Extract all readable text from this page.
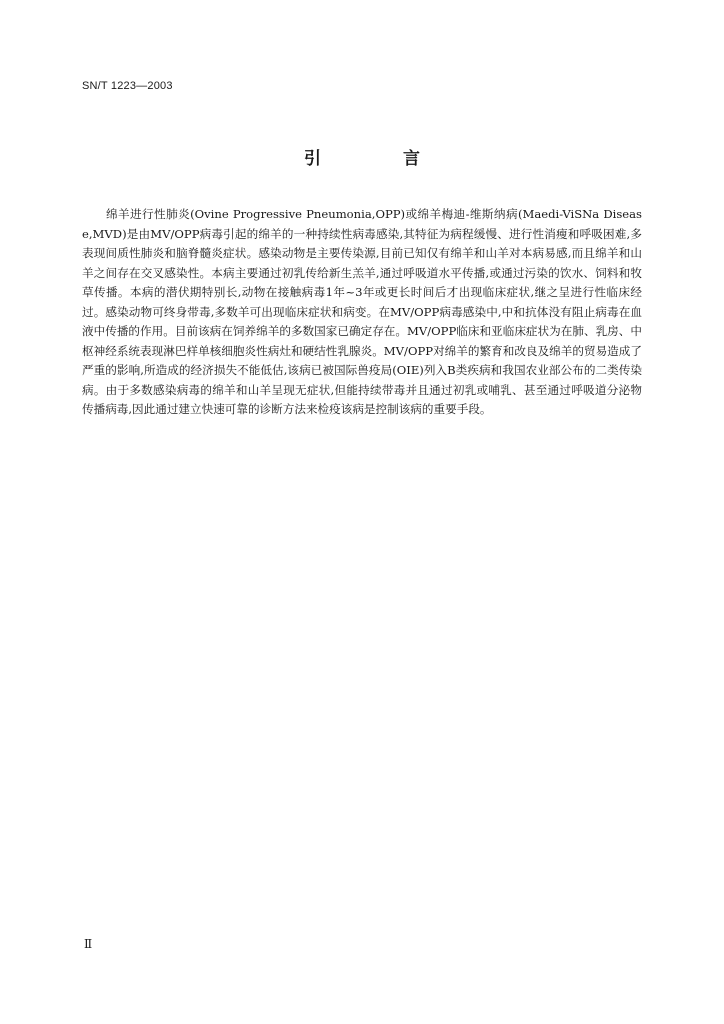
SN/T 1223—2003
引 言

绵羊进行性肺炎(Ovine Progressive Pneumonia,OPP)或绵羊梅迪-维斯纳病(Maedi-ViSNa Disease,MVD)是由MV/OPP病毒引起的绵羊的一种持续性病毒感染,其特征为病程缓慢、进行性消瘦和呼吸困难,多表现间质性肺炎和脑脊髓炎症状。感染动物是主要传染源,目前已知仅有绵羊和山羊对本病易感,而且绵羊和山羊之间存在交叉感染性。本病主要通过初乳传给新生羔羊,通过呼吸道水平传播,或通过污染的饮水、饲料和牧草传播。本病的潜伏期特别长,动物在接触病毒1年~3年或更长时间后才出现临床症状,继之呈进行性临床经过。感染动物可终身带毒,多数羊可出现临床症状和病变。在MV/OPP病毒感染中,中和抗体没有阻止病毒在血液中传播的作用。目前该病在饲养绵羊的多数国家已确定存在。MV/OPP临床和亚临床症状为在肺、乳房、中枢神经系统表现淋巴样单核细胞炎性病灶和硬结性乳腺炎。MV/OPP对绵羊的繁育和改良及绵羊的贸易造成了严重的影响,所造成的经济损失不能低估,该病已被国际兽疫局(OIE)列入B类疾病和我国农业部公布的二类传染病。由于多数感染病毒的绵羊和山羊呈现无症状,但能持续带毒并且通过初乳或哺乳、甚至通过呼吸道分泌物传播病毒,因此通过建立快速可靠的诊断方法来检疫该病是控制该病的重要手段。

Ⅱ
